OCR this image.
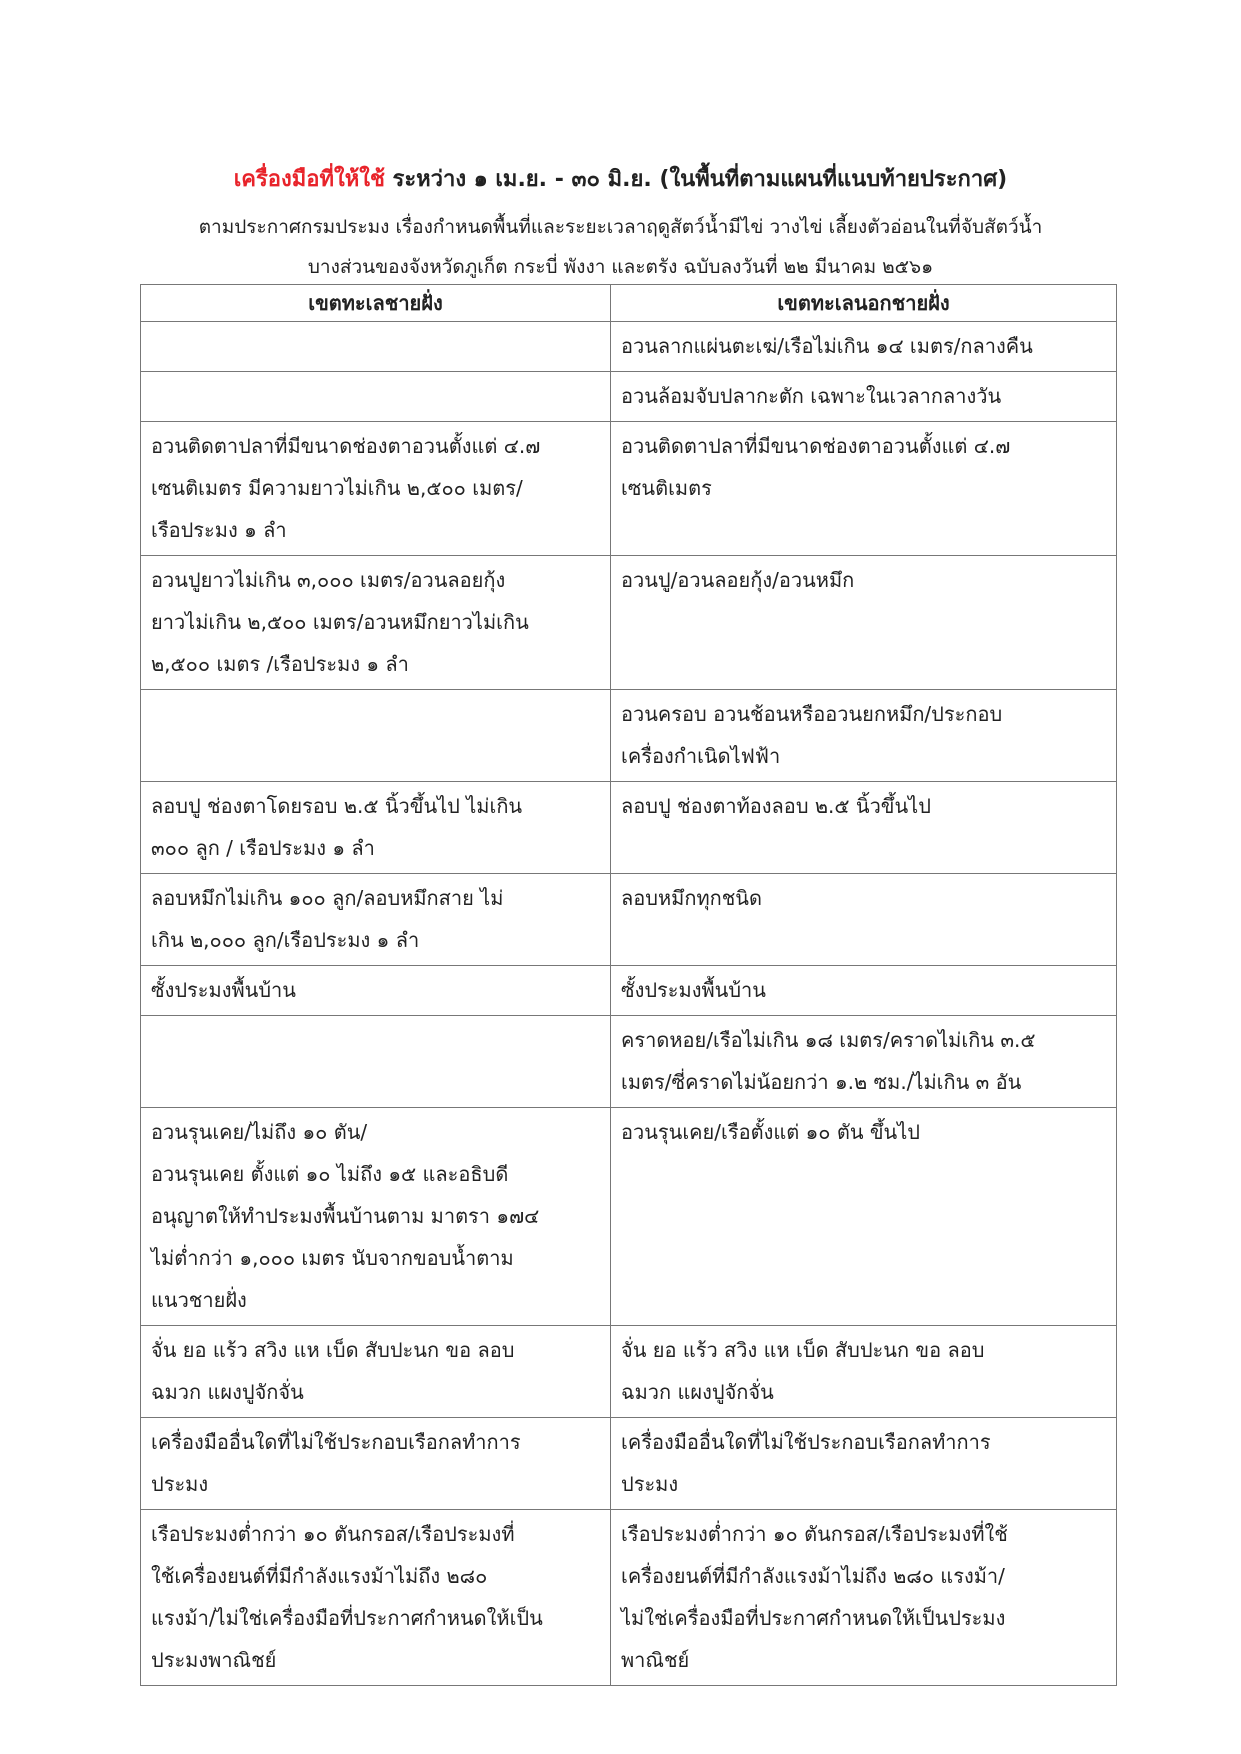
เครื่องมือที่ให้ใช้ ระหว่าง ๑ เม.ย. - ๓๐ มิ.ย. (ในพื้นที่ตามแผนที่แนบท้ายประกาศ)
ตามประกาศกรมประมง เรื่องกำหนดพื้นที่และระยะเวลาฤดูสัตว์น้ำมีไข่ วางไข่ เลี้ยงตัวอ่อนในที่จับสัตว์น้ำ
บางส่วนของจังหวัดภูเก็ต กระบี่ พังงา และตรัง ฉบับลงวันที่ ๒๒ มีนาคม ๒๕๖๑
เขตทะเลชายฝั่ง	เขตทะเลนอกชายฝั่ง

	อวนลากแผ่นตะเฆ่/เรือไม่เกิน ๑๔ เมตร/กลางคืน

	อวนล้อมจับปลากะตัก เฉพาะในเวลากลางวัน

อวนติดตาปลาที่มีขนาดช่องตาอวนตั้งแต่ ๔.๗
เซนติเมตร มีความยาวไม่เกิน ๒,๕๐๐ เมตร/
เรือประมง ๑ ลำ	อวนติดตาปลาที่มีขนาดช่องตาอวนตั้งแต่ ๔.๗
เซนติเมตร

อวนปูยาวไม่เกิน ๓,๐๐๐ เมตร/อวนลอยกุ้ง
ยาวไม่เกิน ๒,๕๐๐ เมตร/อวนหมึกยาวไม่เกิน
๒,๕๐๐ เมตร /เรือประมง ๑ ลำ	อวนปู/อวนลอยกุ้ง/อวนหมึก

	อวนครอบ อวนช้อนหรืออวนยกหมึก/ประกอบ
เครื่องกำเนิดไฟฟ้า

ลอบปู ช่องตาโดยรอบ ๒.๕ นิ้วขึ้นไป ไม่เกิน
๓๐๐ ลูก / เรือประมง ๑ ลำ	ลอบปู ช่องตาท้องลอบ ๒.๕ นิ้วขึ้นไป

ลอบหมึกไม่เกิน ๑๐๐ ลูก/ลอบหมึกสาย ไม่
เกิน ๒,๐๐๐ ลูก/เรือประมง ๑ ลำ	ลอบหมึกทุกชนิด

ซั้งประมงพื้นบ้าน	ซั้งประมงพื้นบ้าน

	คราดหอย/เรือไม่เกิน ๑๘ เมตร/คราดไม่เกิน ๓.๕
เมตร/ซี่คราดไม่น้อยกว่า ๑.๒ ซม./ไม่เกิน ๓ อัน

อวนรุนเคย/ไม่ถึง ๑๐ ตัน/
อวนรุนเคย ตั้งแต่ ๑๐ ไม่ถึง ๑๕ และอธิบดี
อนุญาตให้ทำประมงพื้นบ้านตาม มาตรา ๑๗๔
ไม่ต่ำกว่า ๑,๐๐๐ เมตร นับจากขอบน้ำตาม
แนวชายฝั่ง	อวนรุนเคย/เรือตั้งแต่ ๑๐ ตัน ขึ้นไป

จั่น ยอ แร้ว สวิง แห เบ็ด สับปะนก ขอ ลอบ
ฉมวก แผงปูจักจั่น	จั่น ยอ แร้ว สวิง แห เบ็ด สับปะนก ขอ ลอบ
ฉมวก แผงปูจักจั่น

เครื่องมืออื่นใดที่ไม่ใช้ประกอบเรือกลทำการ
ประมง	เครื่องมืออื่นใดที่ไม่ใช้ประกอบเรือกลทำการ
ประมง

เรือประมงต่ำกว่า ๑๐ ตันกรอส/เรือประมงที่
ใช้เครื่องยนต์ที่มีกำลังแรงม้าไม่ถึง ๒๘๐
แรงม้า/ไม่ใช่เครื่องมือที่ประกาศกำหนดให้เป็น
ประมงพาณิชย์	เรือประมงต่ำกว่า ๑๐ ตันกรอส/เรือประมงที่ใช้
เครื่องยนต์ที่มีกำลังแรงม้าไม่ถึง ๒๘๐ แรงม้า/
ไม่ใช่เครื่องมือที่ประกาศกำหนดให้เป็นประมง
พาณิชย์
